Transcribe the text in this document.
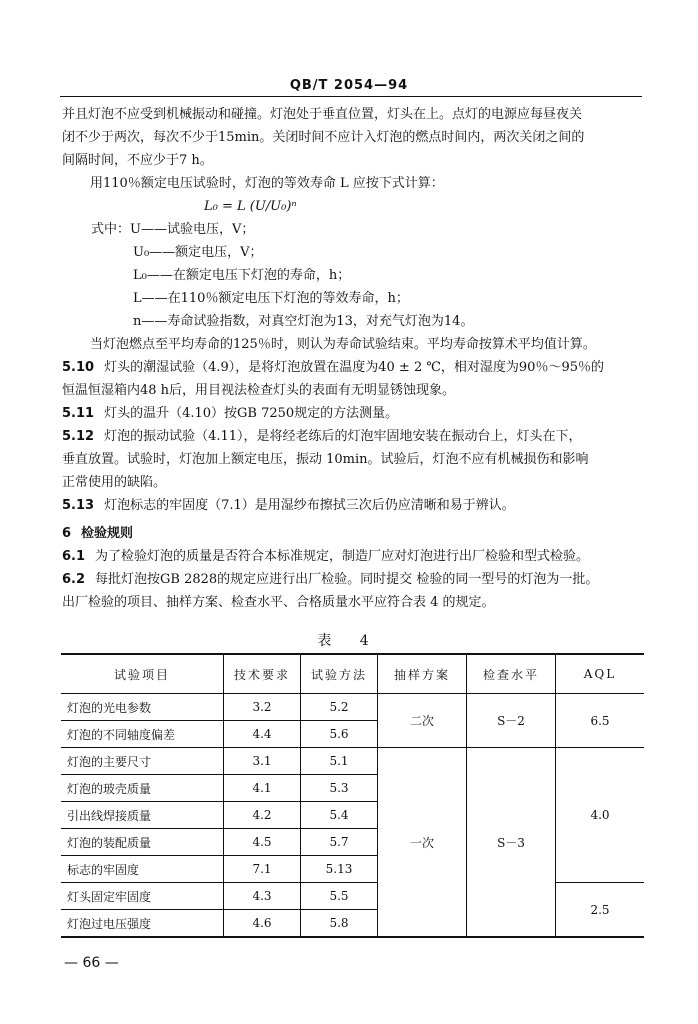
QB/T 2054—94
并且灯泡不应受到机械振动和碰撞。灯泡处于垂直位置，灯头在上。点灯的电源应每昼夜关
闭不少于两次，每次不少于15min。关闭时间不应计入灯泡的燃点时间内，两次关闭之间的
间隔时间，不应少于7 h。
用110％额定电压试验时，灯泡的等效寿命 L 应按下式计算：
L₀ = L (U/U₀)ⁿ
式中：U——试验电压，V；
U₀——额定电压，V；
L₀——在额定电压下灯泡的寿命，h；
L——在110％额定电压下灯泡的等效寿命，h；
n——寿命试验指数，对真空灯泡为13，对充气灯泡为14。
当灯泡燃点至平均寿命的125％时，则认为寿命试验结束。平均寿命按算术平均值计算。
5.10 灯头的潮湿试验（4.9），是将灯泡放置在温度为40 ± 2 ℃，相对湿度为90％～95％的
恒温恒湿箱内48 h后，用目视法检查灯头的表面有无明显锈蚀现象。
5.11 灯头的温升（4.10）按GB 7250规定的方法测量。
5.12 灯泡的振动试验（4.11），是将经老练后的灯泡牢固地安装在振动台上，灯头在下，
垂直放置。试验时，灯泡加上额定电压，振动 10min。试验后，灯泡不应有机械损伤和影响
正常使用的缺陷。
5.13 灯泡标志的牢固度（7.1）是用湿纱布擦拭三次后仍应清晰和易于辨认。
6 检验规则
6.1 为了检验灯泡的质量是否符合本标准规定，制造厂应对灯泡进行出厂检验和型式检验。
6.2 每批灯泡按GB 2828的规定应进行出厂检验。同时提交 检验的同一型号的灯泡为一批。
出厂检验的项目、抽样方案、检查水平、合格质量水平应符合表 4 的规定。
表 4
试验项目	技术要求	试验方法	抽样方案	检查水平	AQL
灯泡的光电参数	3.2	5.2	二次	S－2	6.5
灯泡的不同轴度偏差	4.4	5.6			
灯泡的主要尺寸	3.1	5.1	一次	S－3	4.0
灯泡的玻壳质量	4.1	5.3			
引出线焊接质量	4.2	5.4			
灯泡的装配质量	4.5	5.7			
标志的牢固度	7.1	5.13			
灯头固定牢固度	4.3	5.5			2.5
灯泡过电压强度	4.6	5.8			
— 66 —
